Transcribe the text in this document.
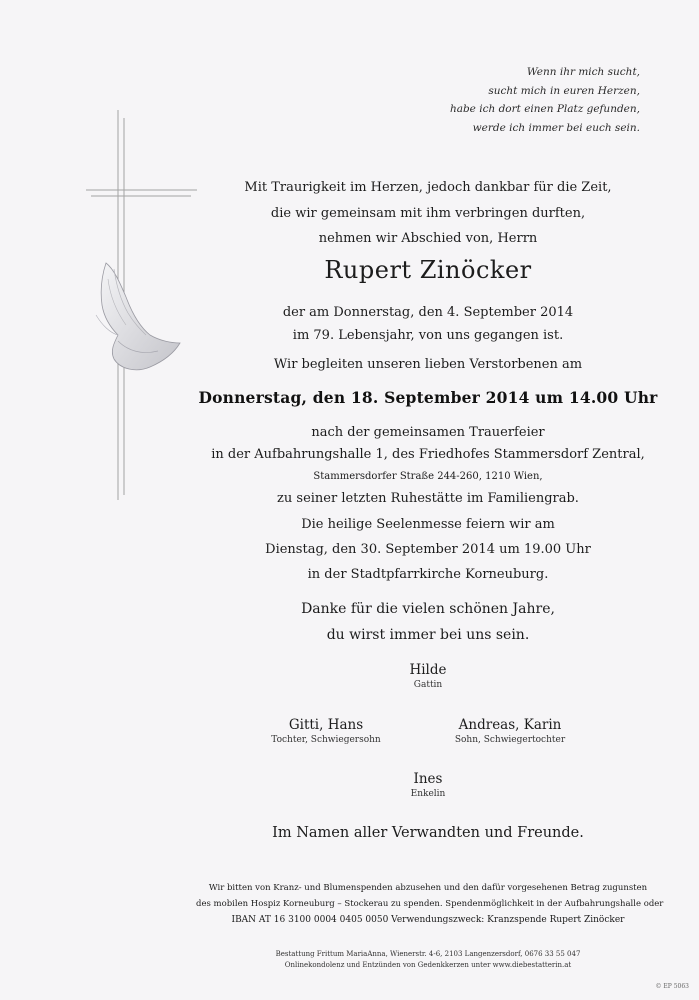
Wenn ihr mich sucht,
sucht mich in euren Herzen,
habe ich dort einen Platz gefunden,
werde ich immer bei euch sein.
Mit Traurigkeit im Herzen, jedoch dankbar für die Zeit,
die wir gemeinsam mit ihm verbringen durften,
nehmen wir Abschied von, Herrn
Rupert Zinöcker
der am Donnerstag, den 4. September 2014
im 79. Lebensjahr, von uns gegangen ist.
Wir begleiten unseren lieben Verstorbenen am
Donnerstag, den 18. September 2014 um 14.00 Uhr
nach der gemeinsamen Trauerfeier
in der Aufbahrungshalle 1, des Friedhofes Stammersdorf Zentral,
Stammersdorfer Straße 244-260, 1210 Wien,
zu seiner letzten Ruhestätte im Familiengrab.
Die heilige Seelenmesse feiern wir am
Dienstag, den 30. September 2014 um 19.00 Uhr
in der Stadtpfarrkirche Korneuburg.
Danke für die vielen schönen Jahre,
du wirst immer bei uns sein.
Hilde
Gattin
Gitti, Hans
Tochter, Schwiegersohn
Andreas, Karin
Sohn, Schwiegertochter
Ines
Enkelin
Im Namen aller Verwandten und Freunde.
Wir bitten von Kranz- und Blumenspenden abzusehen und den dafür vorgesehenen Betrag zugunsten
des mobilen Hospiz Korneuburg – Stockerau zu spenden. Spendenmöglichkeit in der Aufbahrungshalle oder
IBAN AT 16 3100 0004 0405 0050 Verwendungszweck: Kranzspende Rupert Zinöcker
Bestattung Frittum MariaAnna, Wienerstr. 4-6, 2103 Langenzersdorf, 0676 33 55 047
Onlinekondolenz und Entzünden von Gedenkkerzen unter www.diebestatterin.at
© EP 5063
